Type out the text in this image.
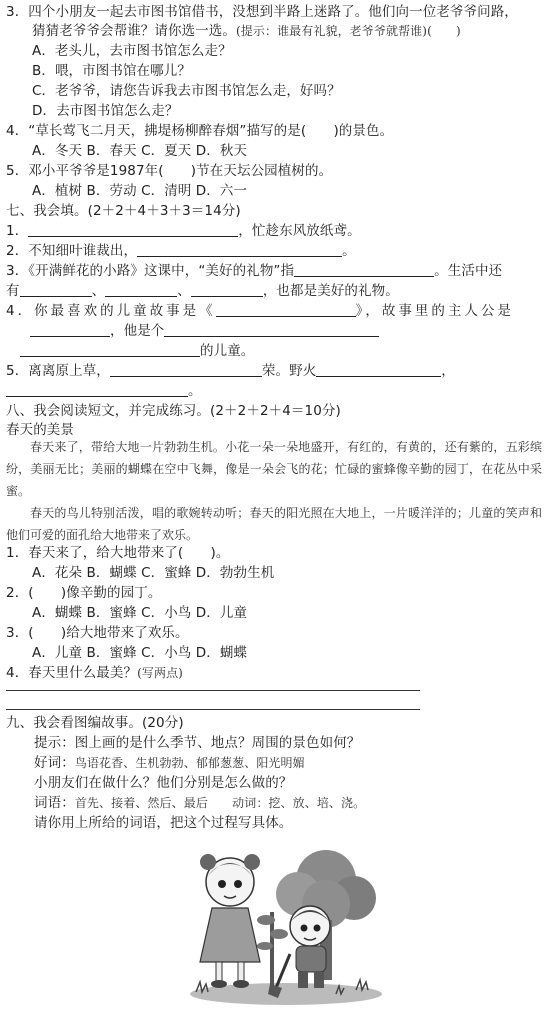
3．四个小朋友一起去市图书馆借书，没想到半路上迷路了。他们向一位老爷爷问路，
猜猜老爷爷会帮谁？请你选一选。(提示：谁最有礼貌，老爷爷就帮谁)(　　)
A．老头儿，去市图书馆怎么走？
B．喂，市图书馆在哪儿？
C．老爷爷，请您告诉我去市图书馆怎么走，好吗？
D．去市图书馆怎么走？
4．“草长莺飞二月天，拂堤杨柳醉春烟”描写的是(　　)的景色。
A．冬天 B．春天 C．夏天 D．秋天
5．邓小平爷爷是1987年(　　)节在天坛公园植树的。
A．植树 B．劳动 C．清明 D．六一
七、我会填。(2＋2＋4＋3＋3＝14分)
1．	，忙趁东风放纸鸢。
2．不知细叶谁裁出，	。
3．《开满鲜花的小路》这课中，“美好的礼物”指	。生活中还
有	、	、	，也都是美好的礼物。
4．你最喜欢的儿童故事是《	》，故事里的主人公是
，他是个
的儿童。
5．离离原上草，	荣。野火	，
。
八、我会阅读短文，并完成练习。(2＋2＋2＋4＝10分)
春天的美景
春天来了，带给大地一片勃勃生机。小花一朵一朵地盛开，有红的，有黄的，还有紫的，五彩缤纷，美丽无比；美丽的蝴蝶在空中飞舞，像是一朵会飞的花；忙碌的蜜蜂像辛勤的园丁，在花丛中采蜜。
春天的鸟儿特别活泼，唱的歌婉转动听；春天的阳光照在大地上，一片暖洋洋的；儿童的笑声和他们可爱的面孔给大地带来了欢乐。
1．春天来了，给大地带来了(　　)。
A．花朵 B．蝴蝶 C．蜜蜂 D．勃勃生机
2．(　　)像辛勤的园丁。
A．蝴蝶 B．蜜蜂 C．小鸟 D．儿童
3．(　　)给大地带来了欢乐。
A．儿童 B．蜜蜂 C．小鸟 D．蝴蝶
4．春天里什么最美？(写两点)
九、我会看图编故事。(20分)
提示：图上画的是什么季节、地点？周围的景色如何？
好词：鸟语花香、生机勃勃、郁郁葱葱、阳光明媚
小朋友们在做什么？他们分别是怎么做的？
词语：首先、接着、然后、最后　　动词：挖、放、培、浇。
请你用上所给的词语，把这个过程写具体。
